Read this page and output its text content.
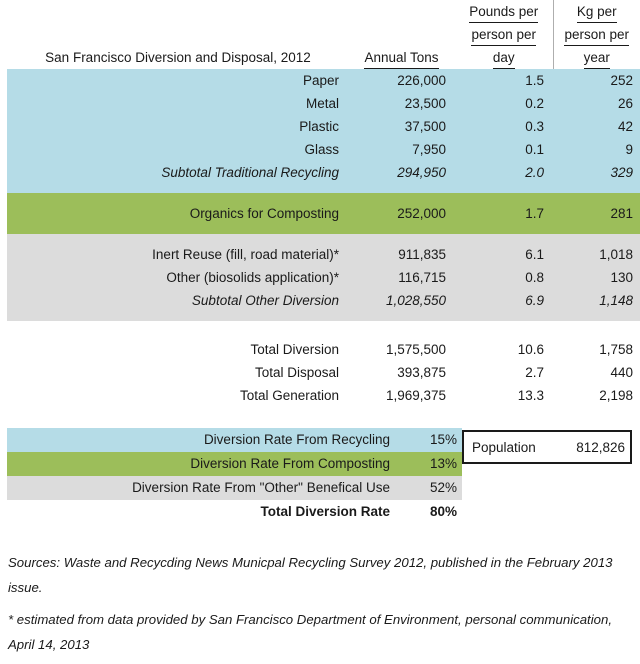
		Pounds per	Kg per
		person per	person per
San Francisco Diversion and Disposal, 2012	Annual Tons	day	year
Paper	226,000	1.5	252
Metal	23,500	0.2	26
Plastic	37,500	0.3	42
Glass	7,950	0.1	9
Subtotal Traditional Recycling	294,950	2.0	329

Organics for Composting	252,000	1.7	281

Inert Reuse (fill, road material)*	911,835	6.1	1,018
Other (biosolids application)*	116,715	0.8	130
Subtotal Other Diversion	1,028,550	6.9	1,148

Total Diversion	1,575,500	10.6	1,758
Total Disposal	393,875	2.7	440
Total Generation	1,969,375	13.3	2,198

Diversion Rate From Recycling	15%	
Diversion Rate From Composting	13%	
Diversion Rate From "Other" Benefical Use	52%	
Total Diversion Rate	80%	
Population	812,826

Sources: Waste and Recycding News Municpal Recycling Survey 2012, published in the February 2013 issue.

* estimated from data provided by San Francisco Department of Environment, personal communication, April 14, 2013
